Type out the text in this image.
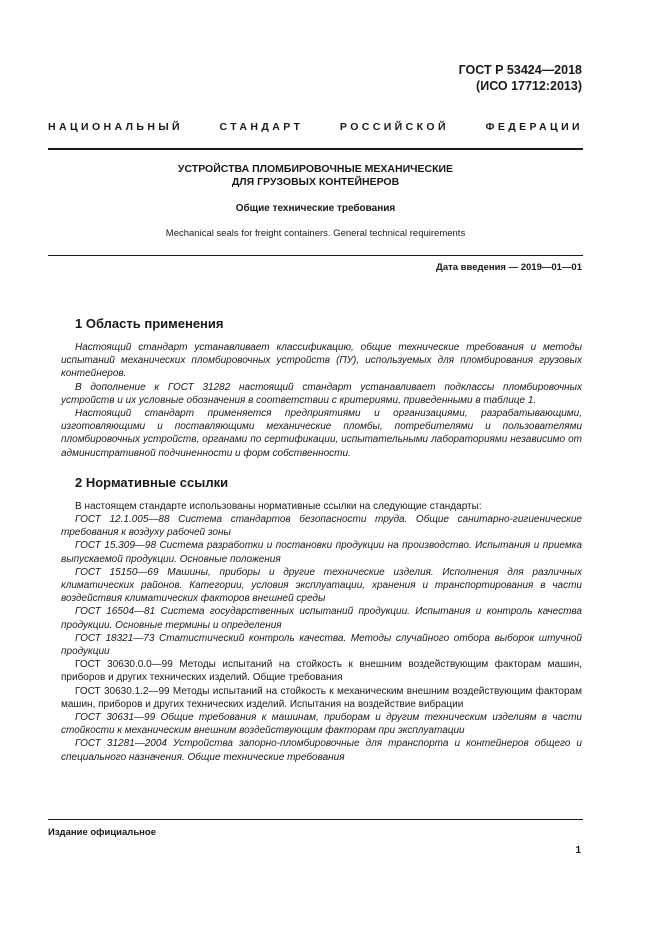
ГОСТ Р 53424—2018
(ИСО 17712:2013)
НАЦИОНАЛЬНЫЙ СТАНДАРТ РОССИЙСКОЙ ФЕДЕРАЦИИ
УСТРОЙСТВА ПЛОМБИРОВОЧНЫЕ МЕХАНИЧЕСКИЕ
ДЛЯ ГРУЗОВЫХ КОНТЕЙНЕРОВ
Общие технические требования
Mechanical seals for freight containers. General technical requirements
Дата введения — 2019—01—01
1 Область применения

Настоящий стандарт устанавливает классификацию, общие технические требования и методы испытаний механических пломбировочных устройств (ПУ), используемых для пломбирования грузовых контейнеров.

В дополнение к ГОСТ 31282 настоящий стандарт устанавливает подклассы пломбировочных устройств и их условные обозначения в соответствии с критериями, приведенными в таблице 1.

Настоящий стандарт применяется предприятиями и организациями, разрабатывающими, изготовляющими и поставляющими механические пломбы, потребителями и пользователями пломбировочных устройств, органами по сертификации, испытательными лабораториями независимо от административной подчиненности и форм собственности.

2 Нормативные ссылки

В настоящем стандарте использованы нормативные ссылки на следующие стандарты:

ГОСТ 12.1.005—88 Система стандартов безопасности труда. Общие санитарно-гигиенические требования к воздуху рабочей зоны

ГОСТ 15.309—98 Система разработки и постановки продукции на производство. Испытания и приемка выпускаемой продукции. Основные положения

ГОСТ 15150—69 Машины, приборы и другие технические изделия. Исполнения для различных климатических районов. Категории, условия эксплуатации, хранения и транспортирования в части воздействия климатических факторов внешней среды

ГОСТ 16504—81 Система государственных испытаний продукции. Испытания и контроль качества продукции. Основные термины и определения

ГОСТ 18321—73 Статистический контроль качества. Методы случайного отбора выборок штучной продукции

ГОСТ 30630.0.0—99 Методы испытаний на стойкость к внешним воздействующим факторам машин, приборов и других технических изделий. Общие требования

ГОСТ 30630.1.2—99 Методы испытаний на стойкость к механическим внешним воздействующим факторам машин, приборов и других технических изделий. Испытания на воздействие вибрации

ГОСТ 30631—99 Общие требования к машинам, приборам и другим техническим изделиям в части стойкости к механическим внешним воздействующим факторам при эксплуатации

ГОСТ 31281—2004 Устройства запорно-пломбировочные для транспорта и контейнеров общего и специального назначения. Общие технические требования

Издание официальное
1
